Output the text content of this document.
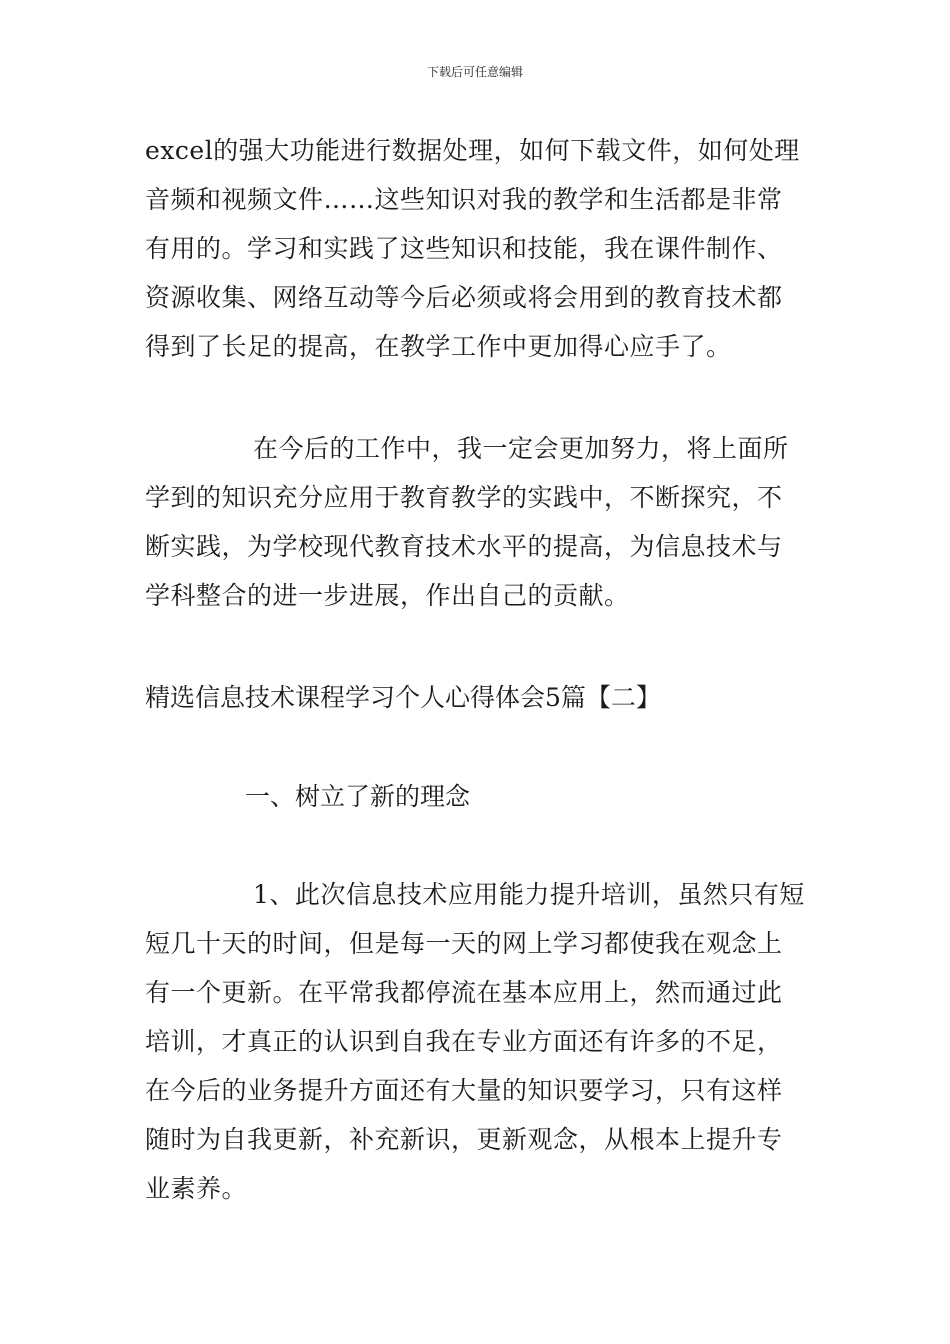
下载后可任意编辑
excel的强大功能进行数据处理，如何下载文件，如何处理
音频和视频文件……这些知识对我的教学和生活都是非常
有用的。学习和实践了这些知识和技能，我在课件制作、
资源收集、网络互动等今后必须或将会用到的教育技术都
得到了长足的提高，在教学工作中更加得心应手了。
在今后的工作中，我一定会更加努力，将上面所
学到的知识充分应用于教育教学的实践中，不断探究，不
断实践，为学校现代教育技术水平的提高，为信息技术与
学科整合的进一步进展，作出自己的贡献。
精选信息技术课程学习个人心得体会5篇【二】
一、树立了新的理念
1、此次信息技术应用能力提升培训，虽然只有短
短几十天的时间，但是每一天的网上学习都使我在观念上
有一个更新。在平常我都停流在基本应用上，然而通过此
培训，才真正的认识到自我在专业方面还有许多的不足，
在今后的业务提升方面还有大量的知识要学习，只有这样
随时为自我更新，补充新识，更新观念，从根本上提升专
业素养。
